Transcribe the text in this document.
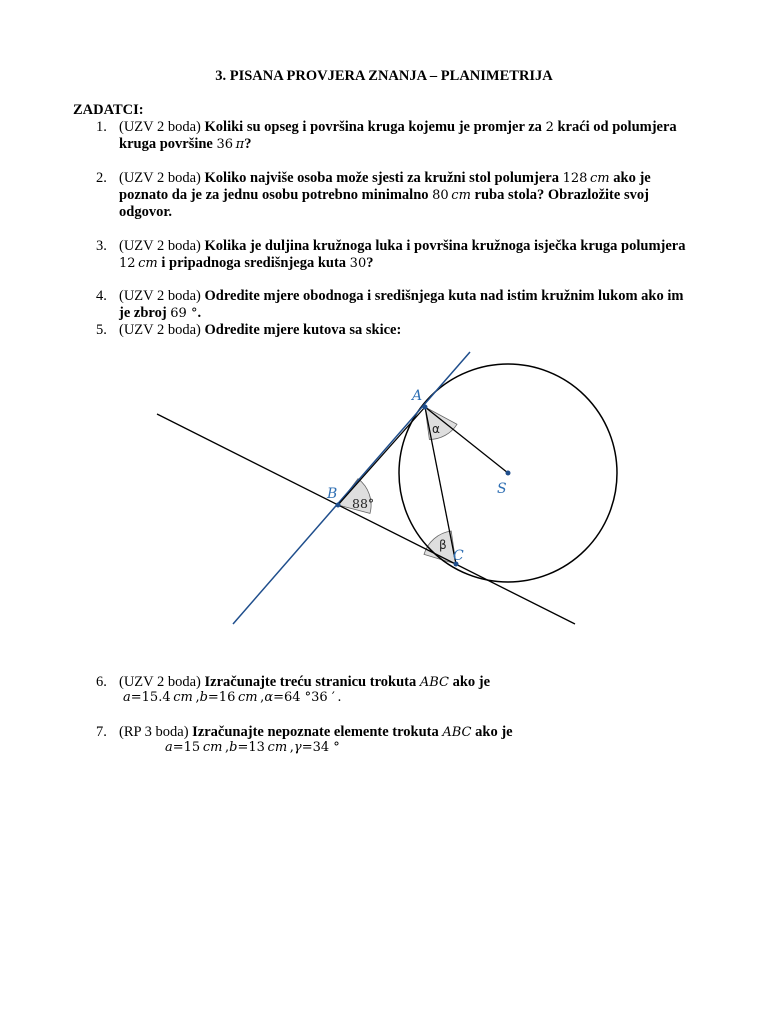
3. PISANA PROVJERA ZNANJA – PLANIMETRIJA
ZADATCI:
1. (UZV 2 boda) Koliki su opseg i površina kruga kojemu je promjer za 2 kraći od polumjera kruga površine 36  π?
2. (UZV 2 boda) Koliko najviše osoba može sjesti za kružni stol polumjera 128  cm ako je poznato da je za jednu osobu potrebno minimalno 80  cm ruba stola? Obrazložite svoj odgovor.
3. (UZV 2 boda) Kolika je duljina kružnoga luka i površina kružnoga isječka kruga polumjera 12  cm i pripadnoga središnjega kuta 30?
4. (UZV 2 boda) Odredite mjere obodnoga i središnjega kuta nad istim kružnim lukom ako im je zbroj 69 °.
5. (UZV 2 boda) Odredite mjere kutova sa skice:
A
B
C
S
α
β
88°
6. (UZV 2 boda) Izračunajte treću stranicu trokuta ABC ako je
a=15.4  cm  ,b=16  cm  ,α=64 °36 ′  .
7. (RP 3 boda) Izračunajte nepoznate elemente trokuta ABC ako je
a=15  cm  ,b=13  cm  ,γ=34 °
